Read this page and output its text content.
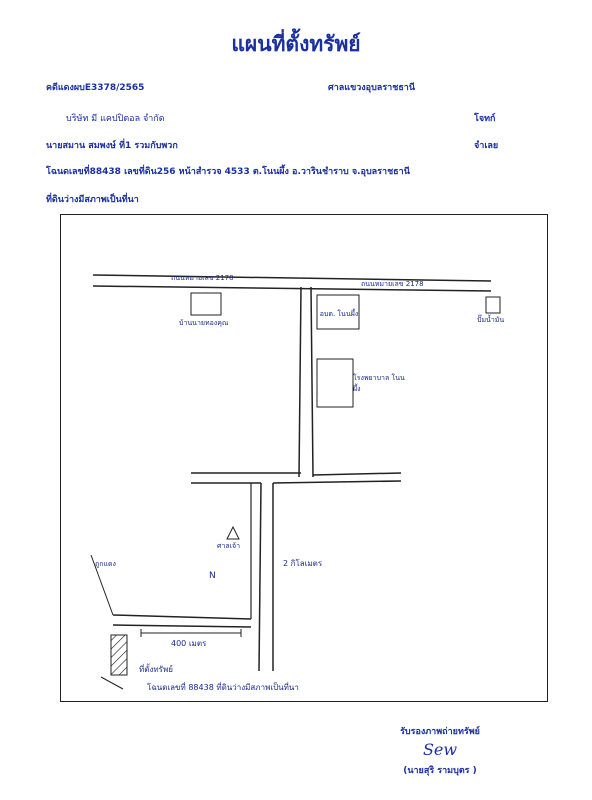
แผนที่ตั้งทรัพย์
คดีแดงผบE3378/2565	ศาลแขวงอุบลราชธานี
บริษัท มี แคปปิตอล จำกัด	โจทก์
นายสมาน สมพงษ์ ที่1 รวมกับพวก	จำเลย
โฉนดเลขที่88438 เลขที่ดิน256 หน้าสำรวจ 4533 ต.โนนผึ้ง อ.วารินชำราบ จ.อุบลราชธานี
ที่ดินว่างมีสภาพเป็นที่นา
ถนนหมายเลข 2178
ถนนหมายเลข 2178
บ้านนายทองคุณ
อบต. โนนผึ้ง
โรงพยาบาล โนนผึ้ง
ปั๊มน้ำมัน
ศาลเจ้า
2 กิโลเมตร
N
ถูกแดง
400 เมตร
ที่ตั้งทรัพย์
โฉนดเลขที่ 88438 ที่ดินว่างมีสภาพเป็นที่นา
รับรองภาพถ่ายทรัพย์
Sew
(นายสุริ รามบุตร )
